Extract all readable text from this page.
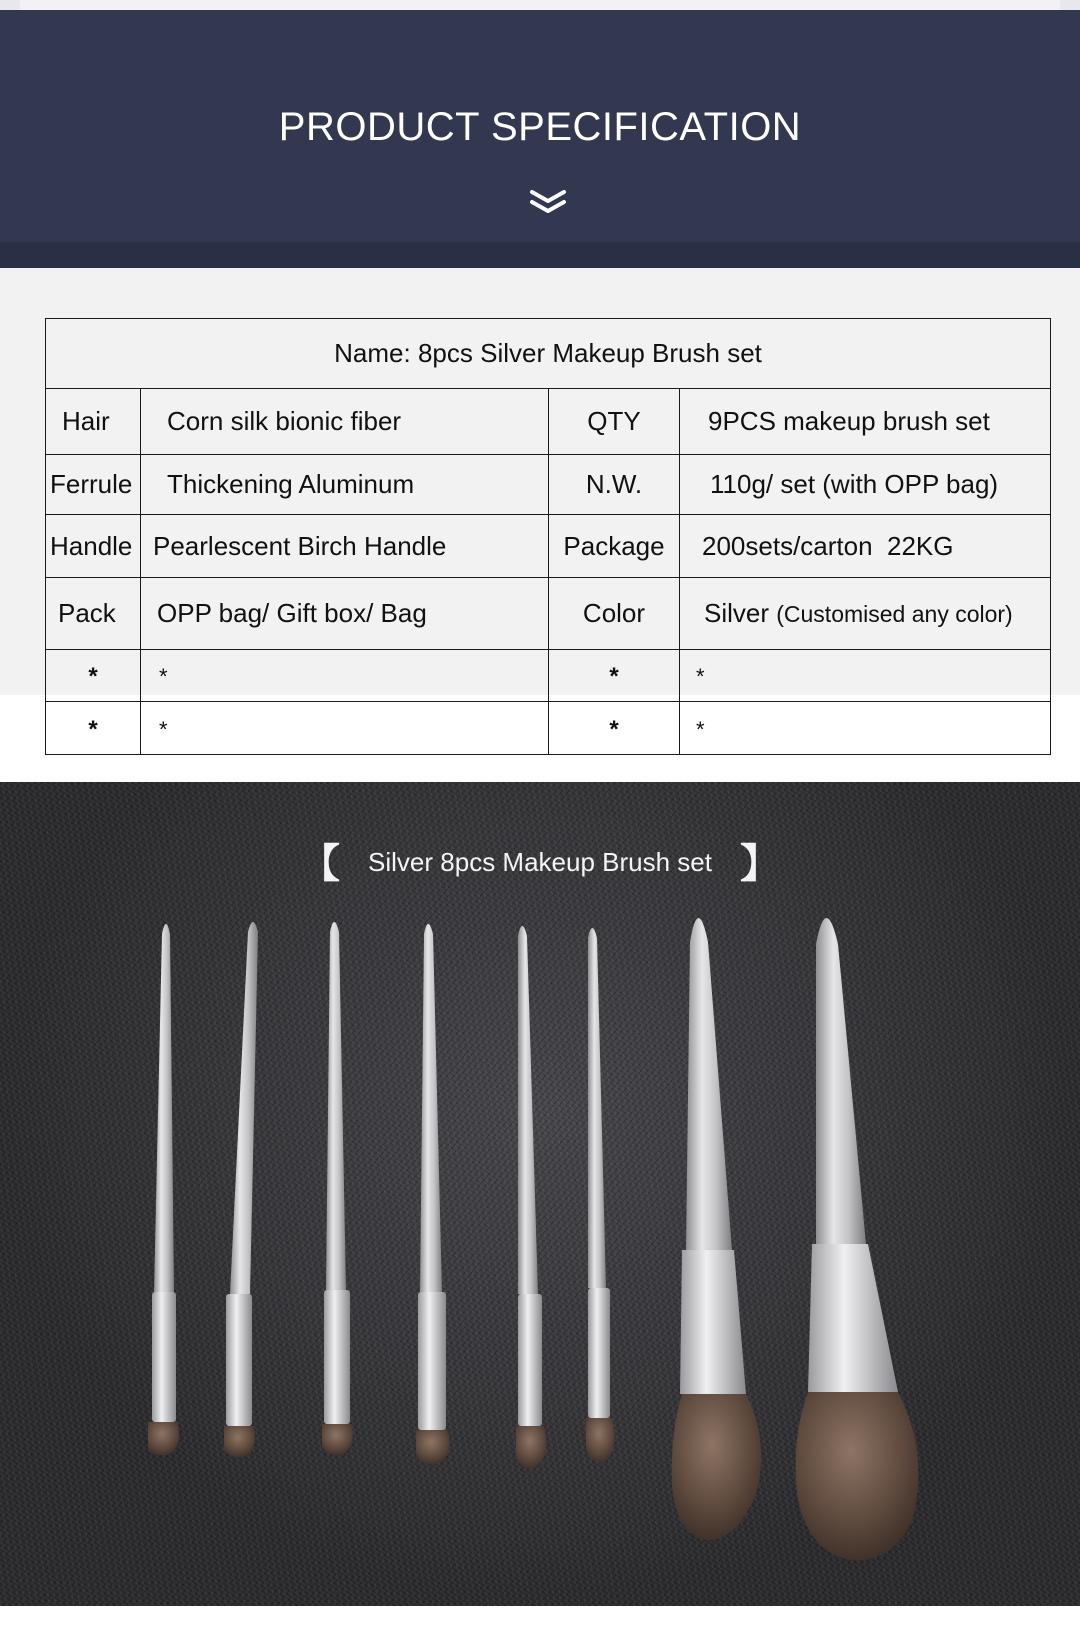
PRODUCT SPECIFICATION
Name: 8pcs Silver Makeup Brush set			
Hair	Corn silk bionic fiber	QTY	9PCS makeup brush set
Ferrule	Thickening Aluminum	N.W.	110g/ set (with OPP bag)
Handle	Pearlescent Birch Handle	Package	200sets/carton  22KG
Pack	OPP bag/ Gift box/ Bag	Color	Silver (Customised any color)
*	*	*	*
*	*	*	*
【 Silver 8pcs Makeup Brush set 】
